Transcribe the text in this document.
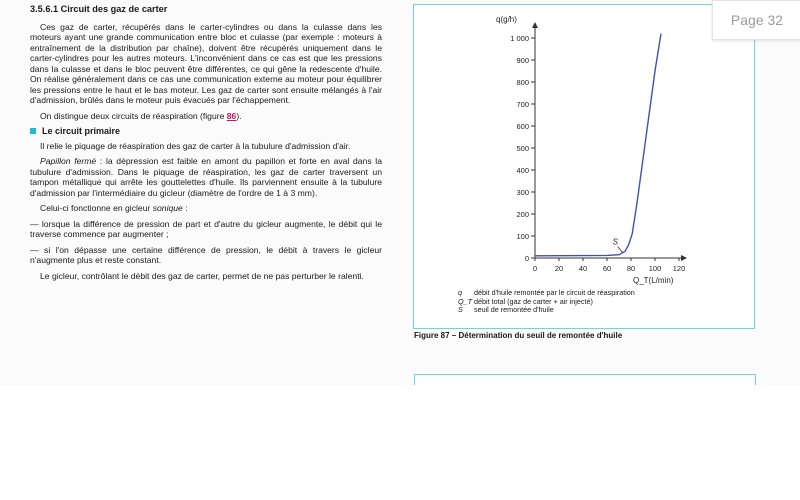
3.5.6.1 Circuit des gaz de carter

Ces gaz de carter, récupérés dans le carter-cylindres ou dans la culasse dans les moteurs ayant une grande communication entre bloc et culasse (par exemple : moteurs à entraînement de la distribution par chaîne), doivent être récupérés uniquement dans le carter-cylindres pour les autres moteurs. L'inconvénient dans ce cas est que les pressions dans la culasse et dans le bloc peuvent être différentes, ce qui gêne la redescente d'huile. On réalise généralement dans ce cas une communication externe au moteur pour équilibrer les pressions entre le haut et le bas moteur. Les gaz de carter sont ensuite mélangés à l'air d'admission, brûlés dans le moteur puis évacués par l'échappement.

On distingue deux circuits de réaspiration (figure 86).

Le circuit primaire

Il relie le piquage de réaspiration des gaz de carter à la tubulure d'admission d'air.

Papillon fermé : la dépression est faible en amont du papillon et forte en aval dans la tubulure d'admission. Dans le piquage de réaspiration, les gaz de carter traversent un tampon métallique qui arrête les gouttelettes d'huile. Ils parviennent ensuite à la tubulure d'admission par l'intermédiaire du gicleur (diamètre de l'ordre de 1 à 3 mm).

Celui-ci fonctionne en gicleur sonique :

— lorsque la différence de pression de part et d'autre du gicleur augmente, le débit qui le traverse commence par augmenter ;

— si l'on dépasse une certaine différence de pression, le débit à travers le gicleur n'augmente plus et reste constant.

Le gicleur, contrôlant le débit des gaz de carter, permet de ne pas perturber le ralenti.

0
100
200
300
400
500
600
700
800
900
1 000
0 20 40 60 80 100 120
S
q(g/h)
Q_T(L/min)
q débit d'huile remontée par le circuit de réaspiration
Q_T débit total (gaz de carter + air injecté)
S seuil de remontée d'huile
Figure 87 – Détermination du seuil de remontée d'huile
Page 32
